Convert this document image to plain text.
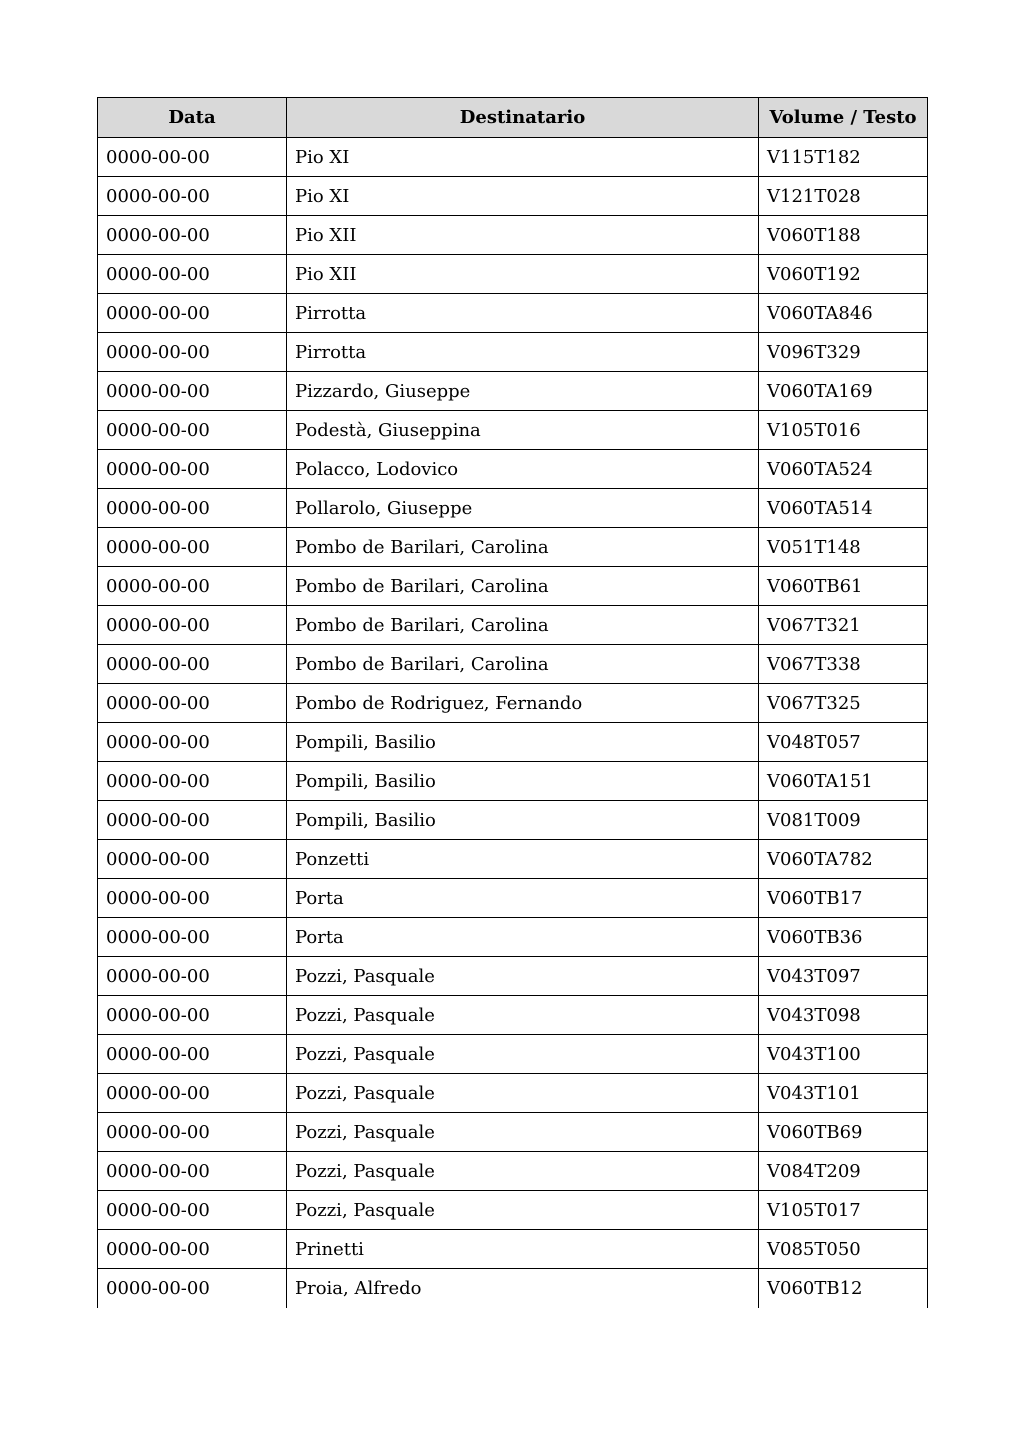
Data	Destinatario	Volume / Testo
0000-00-00	Pio XI	V115T182
0000-00-00	Pio XI	V121T028
0000-00-00	Pio XII	V060T188
0000-00-00	Pio XII	V060T192
0000-00-00	Pirrotta	V060TA846
0000-00-00	Pirrotta	V096T329
0000-00-00	Pizzardo, Giuseppe	V060TA169
0000-00-00	Podestà, Giuseppina	V105T016
0000-00-00	Polacco, Lodovico	V060TA524
0000-00-00	Pollarolo, Giuseppe	V060TA514
0000-00-00	Pombo de Barilari, Carolina	V051T148
0000-00-00	Pombo de Barilari, Carolina	V060TB61
0000-00-00	Pombo de Barilari, Carolina	V067T321
0000-00-00	Pombo de Barilari, Carolina	V067T338
0000-00-00	Pombo de Rodriguez, Fernando	V067T325
0000-00-00	Pompili, Basilio	V048T057
0000-00-00	Pompili, Basilio	V060TA151
0000-00-00	Pompili, Basilio	V081T009
0000-00-00	Ponzetti	V060TA782
0000-00-00	Porta	V060TB17
0000-00-00	Porta	V060TB36
0000-00-00	Pozzi, Pasquale	V043T097
0000-00-00	Pozzi, Pasquale	V043T098
0000-00-00	Pozzi, Pasquale	V043T100
0000-00-00	Pozzi, Pasquale	V043T101
0000-00-00	Pozzi, Pasquale	V060TB69
0000-00-00	Pozzi, Pasquale	V084T209
0000-00-00	Pozzi, Pasquale	V105T017
0000-00-00	Prinetti	V085T050
0000-00-00	Proia, Alfredo	V060TB12
